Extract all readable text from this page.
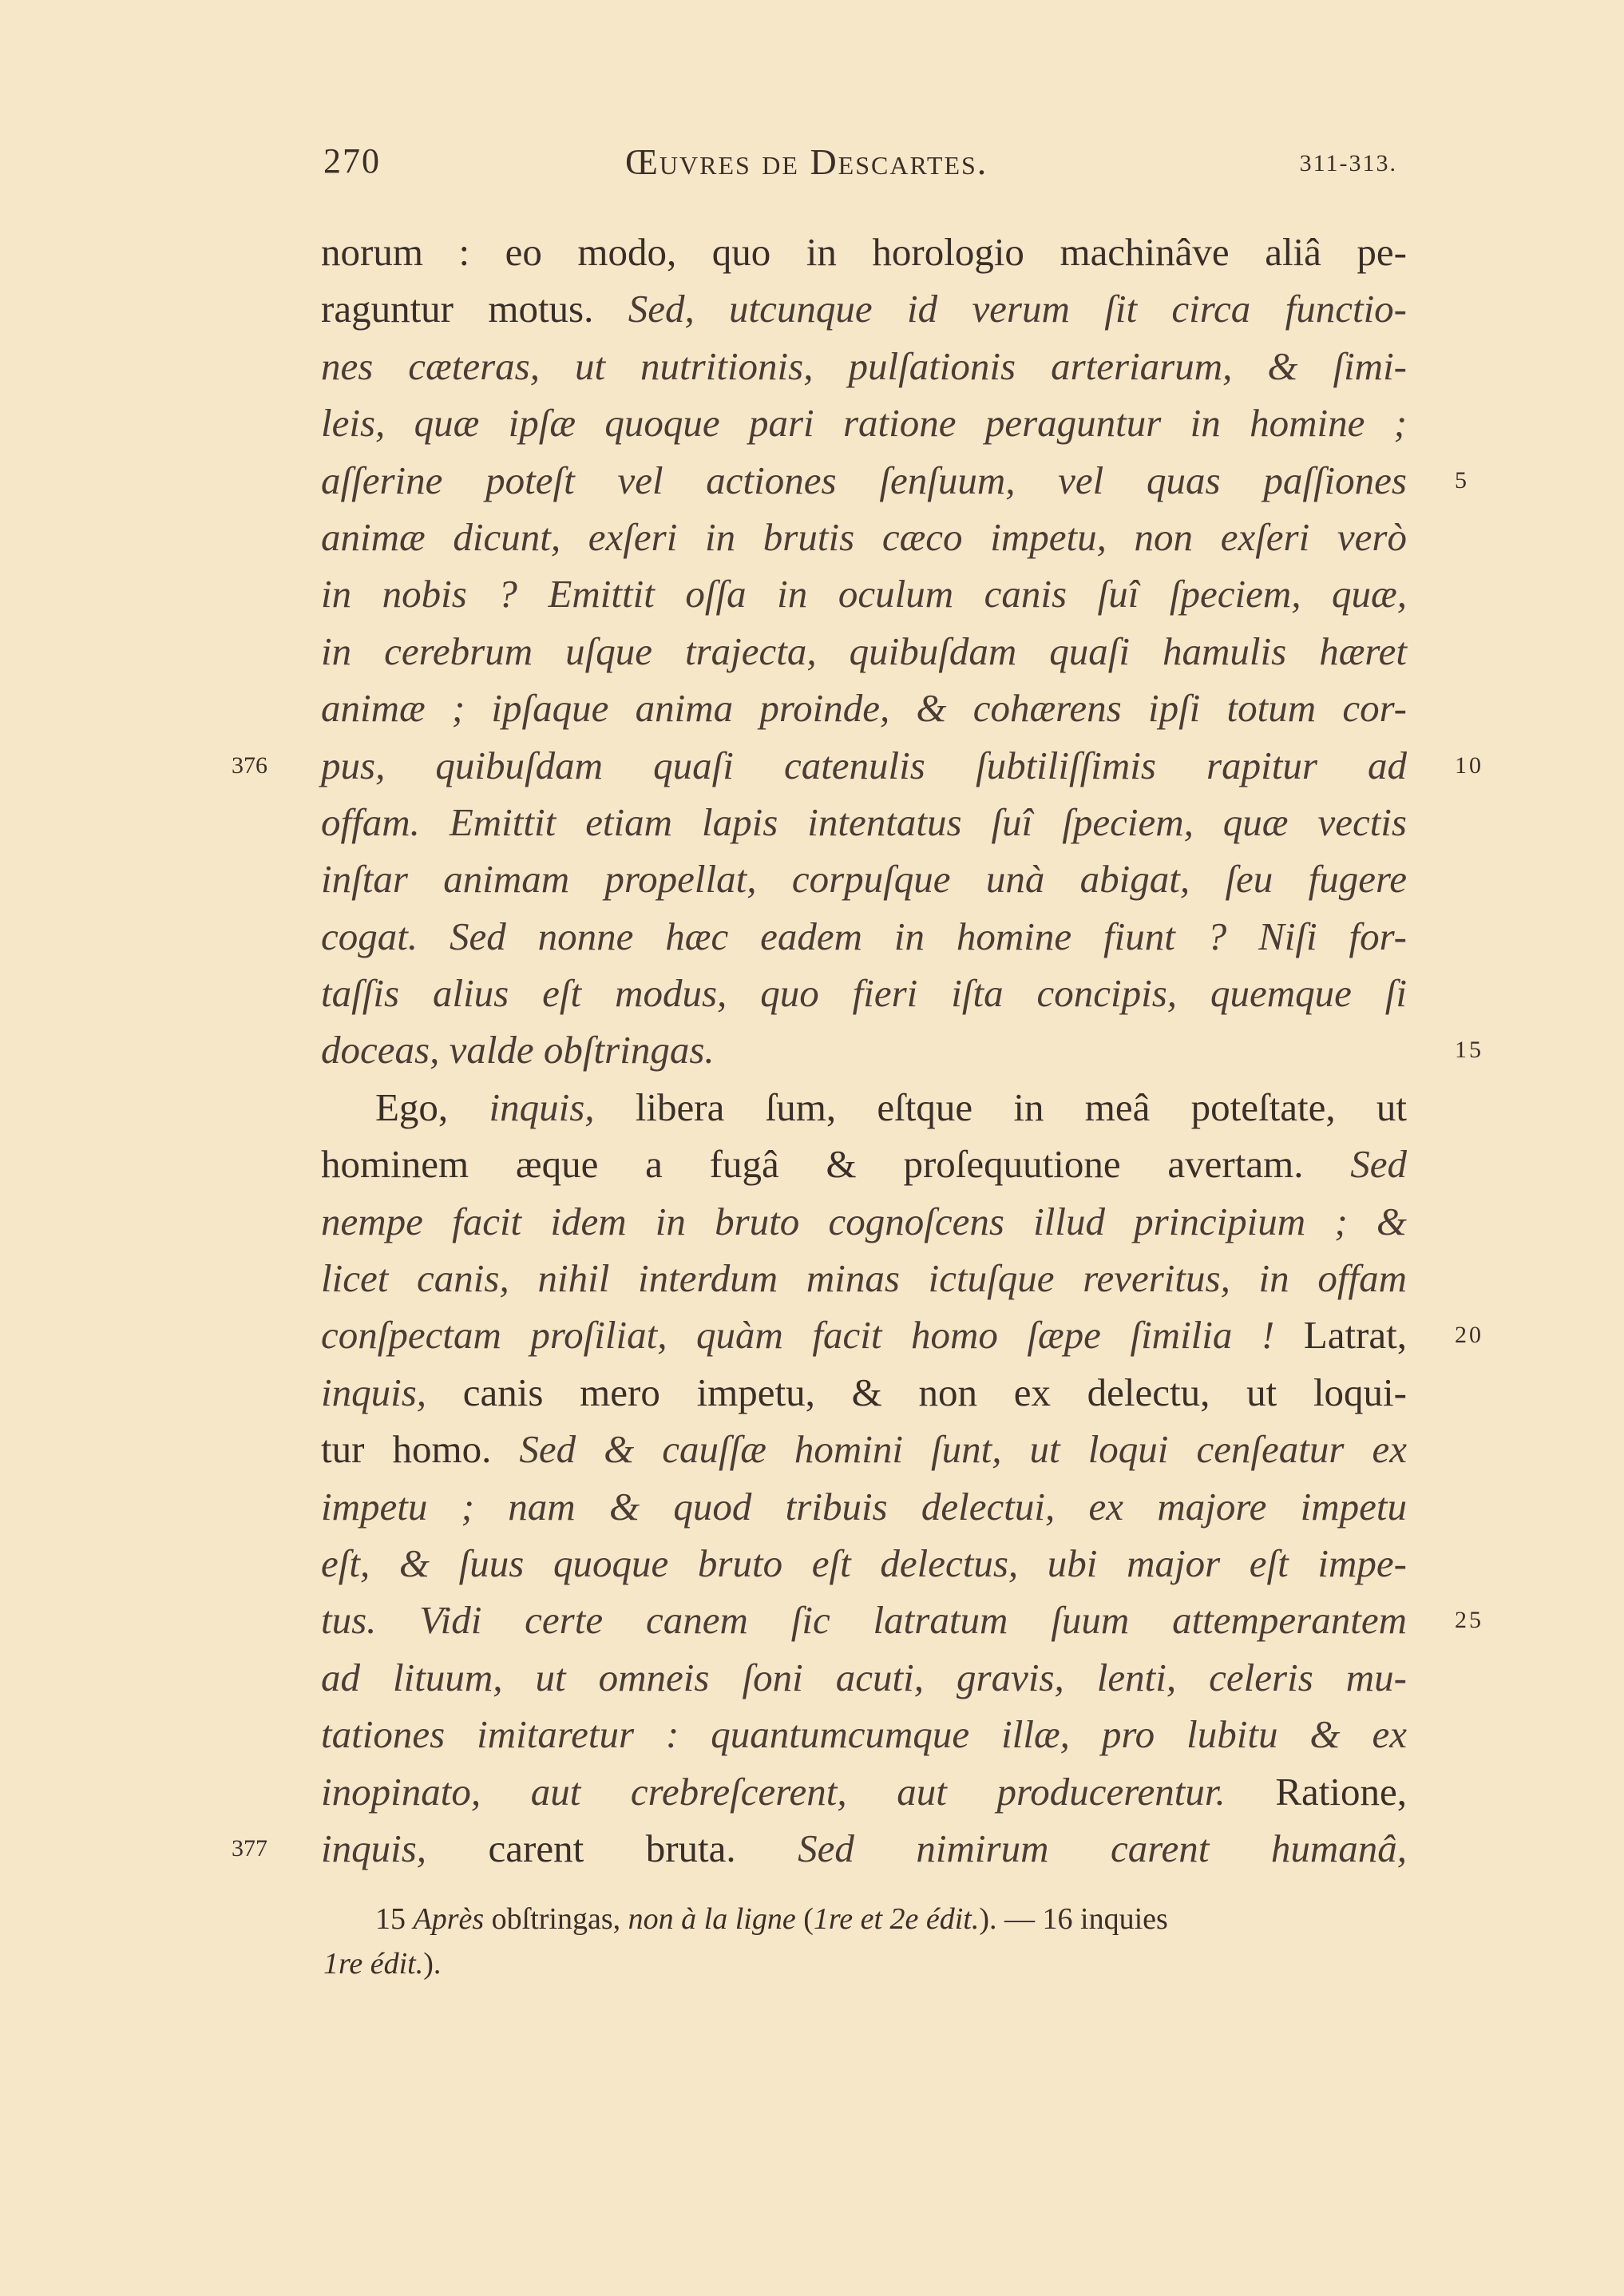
270	Œuvres de Descartes.	311-313.
norum : eo modo, quo in horologio machinâve aliâ pe-
raguntur motus. Sed, utcunque id verum ſit circa functio-
nes cæteras, ut nutritionis, pulſationis arteriarum, & ſimi-
leis, quæ ipſæ quoque pari ratione peraguntur in homine ;
aſſerine poteſt vel actiones ſenſuum, vel quas paſſiones 5
animæ dicunt, exſeri in brutis cæco impetu, non exſeri verò
in nobis ? Emittit oſſa in oculum canis ſuî ſpeciem, quæ,
in cerebrum uſque trajecta, quibuſdam quaſi hamulis hæret
animæ ; ipſaque anima proinde, & cohærens ipſi totum cor-
pus, quibuſdam quaſi catenulis ſubtiliſſimis rapitur ad 10
376
offam. Emittit etiam lapis intentatus ſuî ſpeciem, quæ vectis
inſtar animam propellat, corpuſque unà abigat, ſeu fugere
cogat. Sed nonne hæc eadem in homine fiunt ? Niſi for-
taſſis alius eſt modus, quo fieri iſta concipis, quemque ſi
doceas, valde obſtringas.	15
Ego, inquis, libera ſum, eſtque in meâ poteſtate, ut
hominem æque a fugâ & proſequutione avertam. Sed
nempe facit idem in bruto cognoſcens illud principium ; &
licet canis, nihil interdum minas ictuſque reveritus, in offam
conſpectam proſiliat, quàm facit homo ſæpe ſimilia ! Latrat, 20
inquis, canis mero impetu, & non ex delectu, ut loqui-
tur homo. Sed & cauſſæ homini ſunt, ut loqui cenſeatur ex
impetu ; nam & quod tribuis delectui, ex majore impetu
eſt, & ſuus quoque bruto eſt delectus, ubi major eſt impe-
tus. Vidi certe canem ſic latratum ſuum attemperantem 25
ad lituum, ut omneis ſoni acuti, gravis, lenti, celeris mu-
tationes imitaretur : quantumcumque illæ, pro lubitu & ex
inopinato, aut crebreſcerent, aut producerentur. Ratione,
inquis, carent bruta. Sed nimirum carent humanâ,
377
15 Après obſtringas, non à la ligne (1re et 2e édit.). — 16 inquies
1re édit.).
